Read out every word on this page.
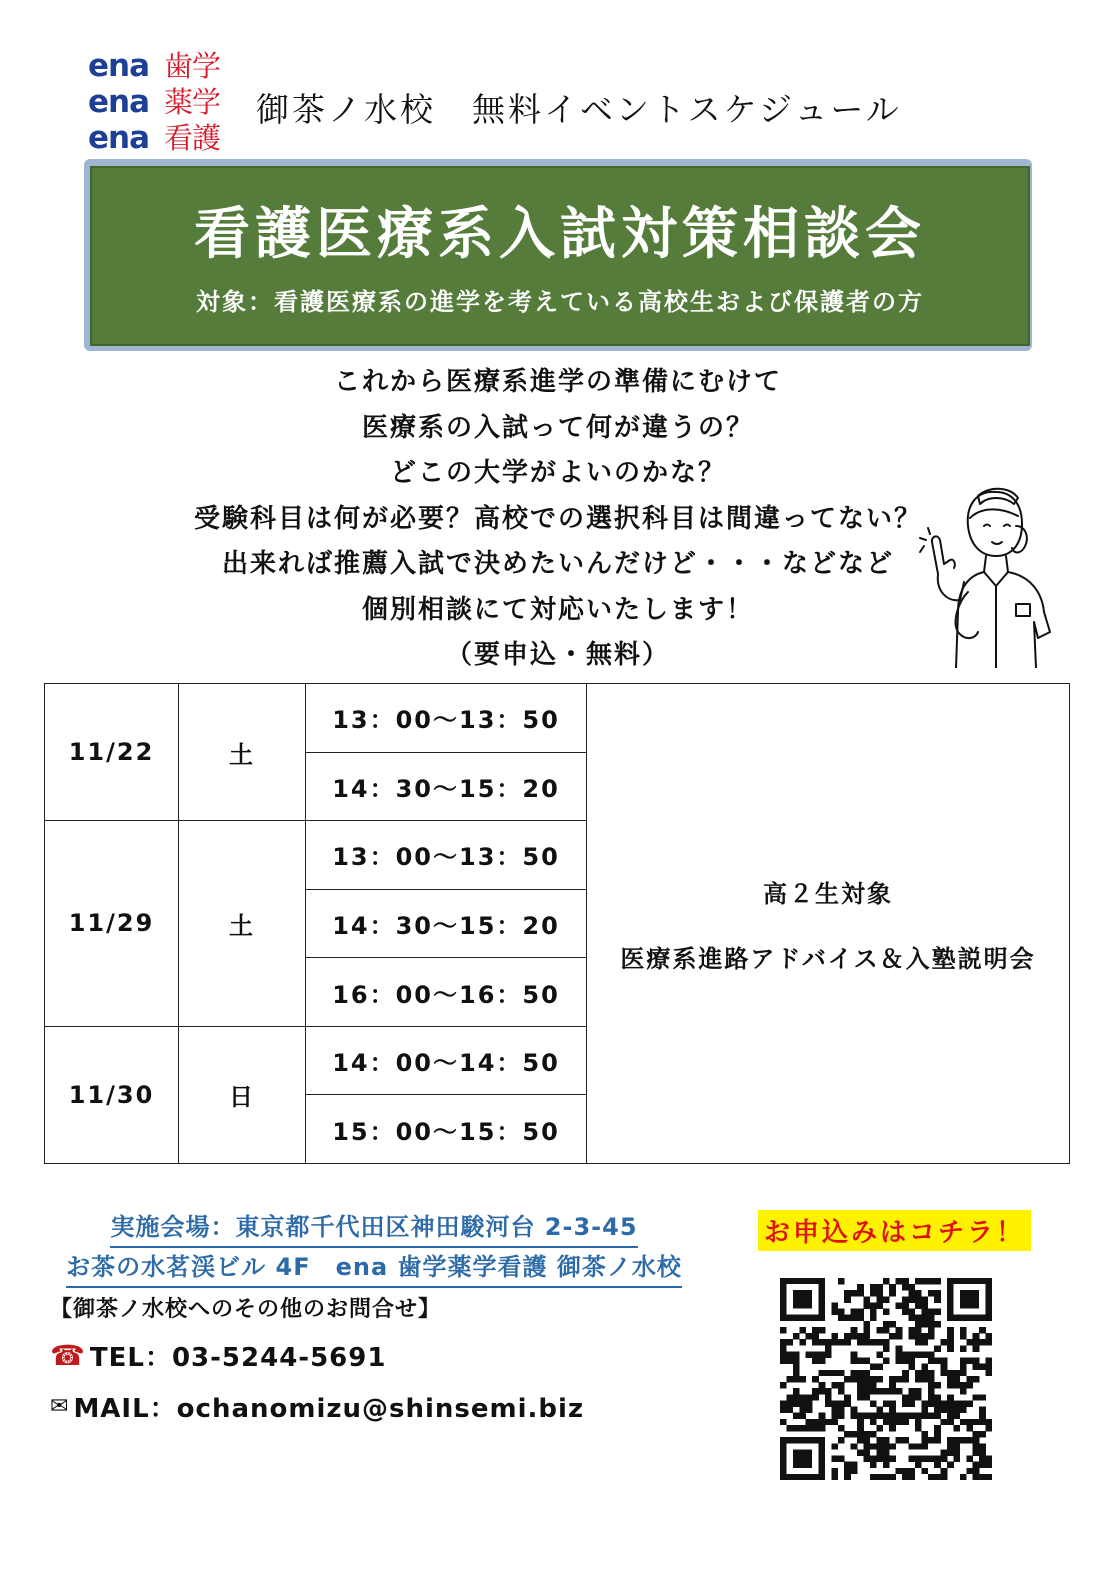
ena 歯学
ena 薬学
ena 看護
御茶ノ水校　無料イベントスケジュール
看護医療系入試対策相談会
対象：看護医療系の進学を考えている高校生および保護者の方
これから医療系進学の準備にむけて
医療系の入試って何が違うの？
どこの大学がよいのかな？
受験科目は何が必要？高校での選択科目は間違ってない？
出来れば推薦入試で決めたいんだけど・・・などなど
個別相談にて対応いたします！
（要申込・無料）
11/22	土	13：00〜13：50	高２生対象
医療系進路アドバイス＆入塾説明会

		14：30〜15：20	
11/29	土	13：00〜13：50	
		14：30〜15：20	
		16：00〜16：50	
11/30	日	14：00〜14：50	
		15：00〜15：50	
実施会場：東京都千代田区神田駿河台 2-3-45
お茶の水茗渓ビル 4F　ena 歯学薬学看護 御茶ノ水校
【御茶ノ水校へのその他のお問合せ】
☎ TEL：03-5244-5691
✉ MAIL：ochanomizu@shinsemi.biz
お申込みはコチラ！
